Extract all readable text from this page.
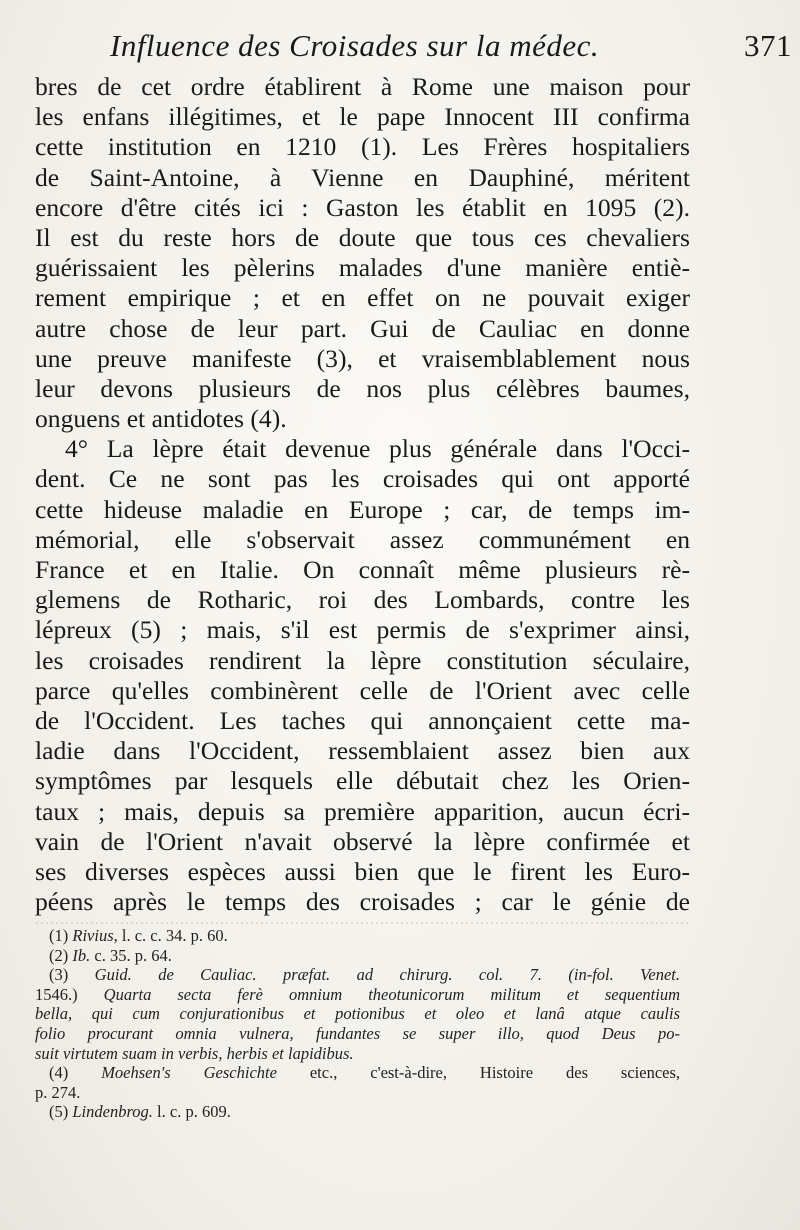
Influence des Croisades sur la médec.	371
bres de cet ordre établirent à Rome une maison pour
les enfans illégitimes, et le pape Innocent III confirma
cette institution en 1210 (1). Les Frères hospitaliers
de Saint-Antoine, à Vienne en Dauphiné, méritent
encore d'être cités ici : Gaston les établit en 1095 (2).
Il est du reste hors de doute que tous ces chevaliers
guérissaient les pèlerins malades d'une manière entiè-
rement empirique ; et en effet on ne pouvait exiger
autre chose de leur part. Gui de Cauliac en donne
une preuve manifeste (3), et vraisemblablement nous
leur devons plusieurs de nos plus célèbres baumes,
onguens et antidotes (4).
4° La lèpre était devenue plus générale dans l'Occi-
dent. Ce ne sont pas les croisades qui ont apporté
cette hideuse maladie en Europe ; car, de temps im-
mémorial, elle s'observait assez communément en
France et en Italie. On connaît même plusieurs rè-
glemens de Rotharic, roi des Lombards, contre les
lépreux (5) ; mais, s'il est permis de s'exprimer ainsi,
les croisades rendirent la lèpre constitution séculaire,
parce qu'elles combinèrent celle de l'Orient avec celle
de l'Occident. Les taches qui annonçaient cette ma-
ladie dans l'Occident, ressemblaient assez bien aux
symptômes par lesquels elle débutait chez les Orien-
taux ; mais, depuis sa première apparition, aucun écri-
vain de l'Orient n'avait observé la lèpre confirmée et
ses diverses espèces aussi bien que le firent les Euro-
péens après le temps des croisades ; car le génie de
(1) Rivius, l. c. c. 34. p. 60.
(2) Ib. c. 35. p. 64.
(3) Guid. de Cauliac. præfat. ad chirurg. col. 7. (in-fol. Venet.
1546.) Quarta secta ferè omnium theotunicorum militum et sequentium
bella, qui cum conjurationibus et potionibus et oleo et lanâ atque caulis
folio procurant omnia vulnera, fundantes se super illo, quod Deus po-
suit virtutem suam in verbis, herbis et lapidibus.
(4) Moehsen's Geschichte etc., c'est-à-dire, Histoire des sciences,
p. 274.
(5) Lindenbrog. l. c. p. 609.
